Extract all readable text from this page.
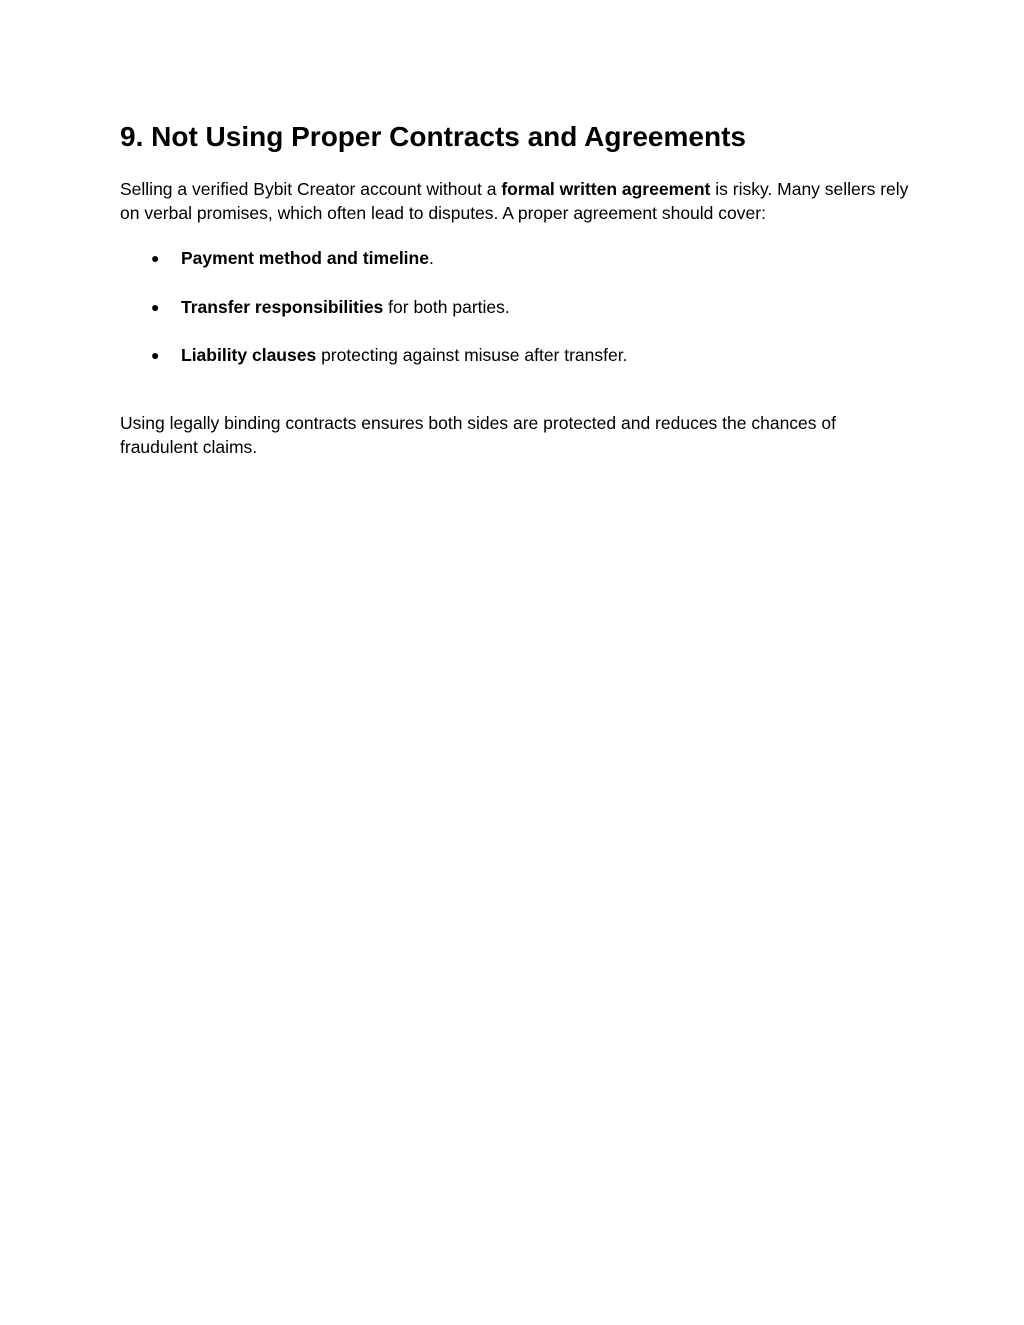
9. Not Using Proper Contracts and Agreements

Selling a verified Bybit Creator account without a formal written agreement is risky. Many sellers rely on verbal promises, which often lead to disputes. A proper agreement should cover:

● Payment method and timeline.
● Transfer responsibilities for both parties.
● Liability clauses protecting against misuse after transfer.

Using legally binding contracts ensures both sides are protected and reduces the chances of fraudulent claims.
